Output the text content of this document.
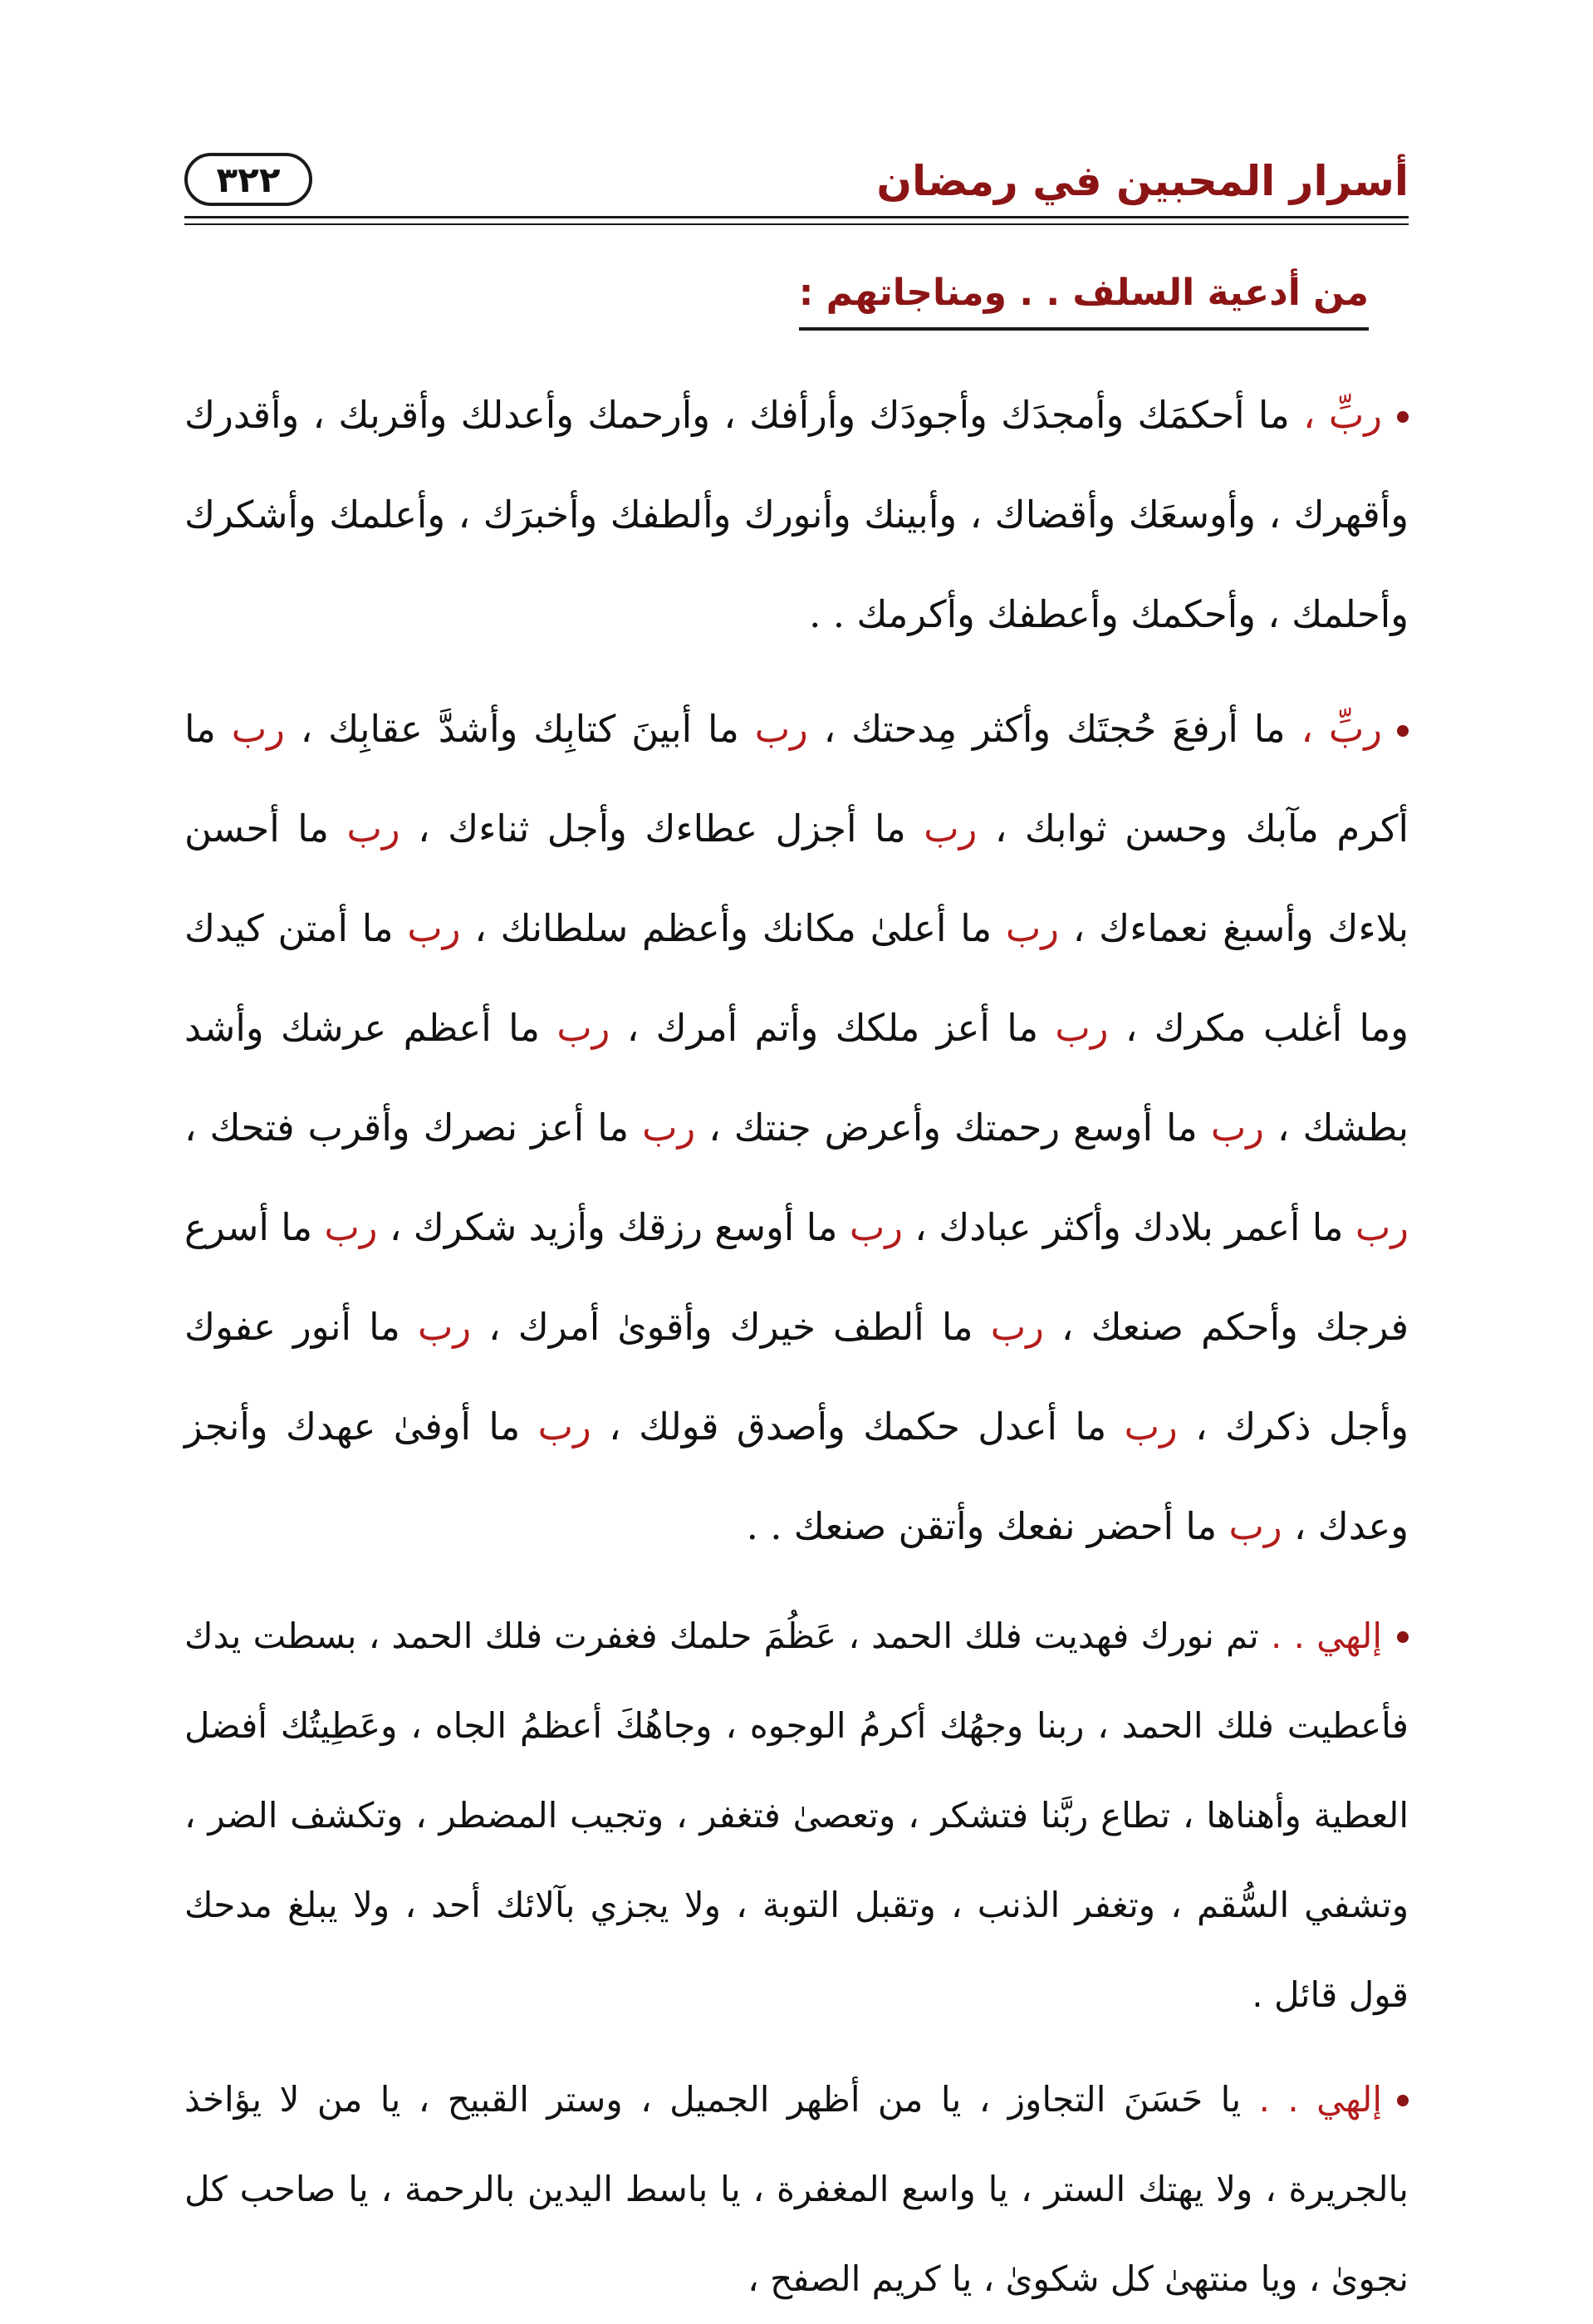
أسرار المحبين في رمضان
٣٢٢
من أدعية السلف . . ومناجاتهم :

ربِّ ، ما أحكمَك وأمجدَك وأجودَك وأرأفك ، وأرحمك وأعدلك وأقربك ، وأقدرك وأقهرك ، وأوسعَك وأقضاك ، وأبينك وأنورك وألطفك وأخبرَك ، وأعلمك وأشكرك وأحلمك ، وأحكمك وأعطفك وأكرمك . .

ربِّ ، ما أرفعَ حُجتَك وأكثر مِدحتك ، رب ما أبينَ كتابِك وأشدَّ عقابِك ، رب ما أكرم مآبك وحسن ثوابك ، رب ما أجزل عطاءك وأجل ثناءك ، رب ما أحسن بلاءك وأسبغ نعماءك ، رب ما أعلىٰ مكانك وأعظم سلطانك ، رب ما أمتن كيدك وما أغلب مكرك ، رب ما أعز ملكك وأتم أمرك ، رب ما أعظم عرشك وأشد بطشك ، رب ما أوسع رحمتك وأعرض جنتك ، رب ما أعز نصرك وأقرب فتحك ، رب ما أعمر بلادك وأكثر عبادك ، رب ما أوسع رزقك وأزيد شكرك ، رب ما أسرع فرجك وأحكم صنعك ، رب ما ألطف خيرك وأقوىٰ أمرك ، رب ما أنور عفوك وأجل ذكرك ، رب ما أعدل حكمك وأصدق قولك ، رب ما أوفىٰ عهدك وأنجز وعدك ، رب ما أحضر نفعك وأتقن صنعك . .

إلهي . . تم نورك فهديت فلك الحمد ، عَظُمَ حلمك فغفرت فلك الحمد ، بسطت يدك فأعطيت فلك الحمد ، ربنا وجهُك أكرمُ الوجوه ، وجاهُكَ أعظمُ الجاه ، وعَطِيتُك أفضل العطية وأهناها ، تطاع ربَّنا فتشكر ، وتعصىٰ فتغفر ، وتجيب المضطر ، وتكشف الضر ، وتشفي السُّقم ، وتغفر الذنب ، وتقبل التوبة ، ولا يجزي بآلائك أحد ، ولا يبلغ مدحك قول قائل .

إلهي . . يا حَسَنَ التجاوز ، يا من أظهر الجميل ، وستر القبيح ، يا من لا يؤاخذ بالجريرة ، ولا يهتك الستر ، يا واسع المغفرة ، يا باسط اليدين بالرحمة ، يا صاحب كل نجوىٰ ، ويا منتهىٰ كل شكوىٰ ، يا كريم الصفح ،
